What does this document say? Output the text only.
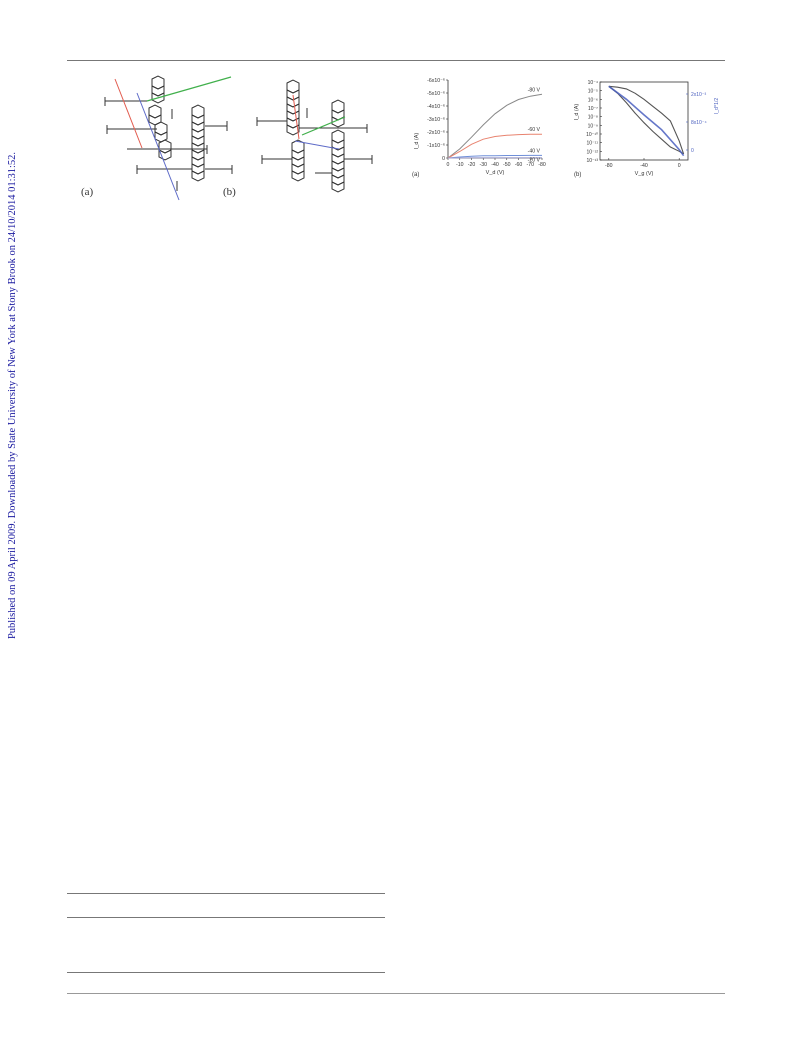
Published on 09 April 2009. Downloaded by State University of New York at Stony Brook on 24/10/2014 01:31:52.	(a)	(b)
-6x10⁻⁶
-5x10⁻⁶
-4x10⁻⁶
-3x10⁻⁶
-2x10⁻⁶
-1x10⁻⁶
0
0 -10 -20 -30 -40 -50 -60 -70 -80
V_d (V)
I_d (A)
(a)
-80 V
-60 V
-40 V
-20 V
10⁻⁴
10⁻⁵
10⁻⁶
10⁻⁷
10⁻⁸
10⁻⁹
10⁻¹⁰
10⁻¹¹
10⁻¹²
10⁻¹³
-80	-40	0
2x10⁻³
8x10⁻⁴
0
V_g (V)
I_d (A)	I_d^1/2
(b)
